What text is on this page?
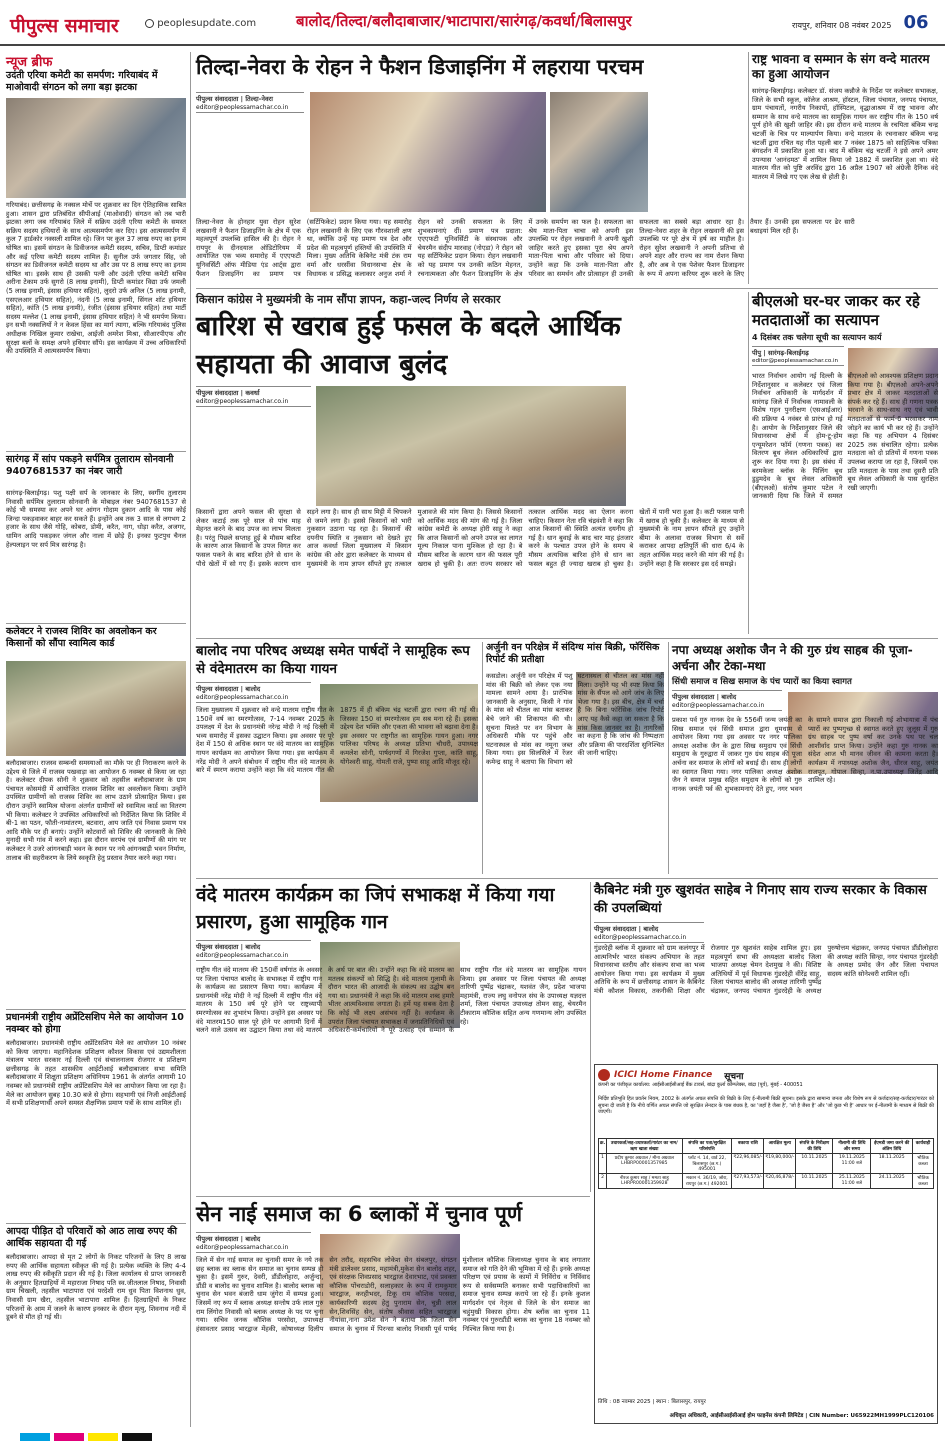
पीपुल्स समाचार	peoplesupdate.com	बालोद/तिल्दा/बलौदाबाजार/भाटापारा/सारंगढ़/कवर्धा/बिलासपुर	रायपुर, शनिवार 08 नवंबर 2025 06
न्यूज ब्रीफ
उदंती एरिया कमेटी का समर्पण: गरियाबंद में माओवादी संगठन को लगा बड़ा झटका
गरियाबंद। छत्तीसगढ़ के नक्सल मोर्चे पर शुक्रवार का दिन ऐतिहासिक साबित हुआ। शासन द्वारा प्रतिबंधित सीपीआई (माओवादी) संगठन को तब भारी झटका लगा जब गरियाबंद जिले में सक्रिय उदंती एरिया कमेटी के समस्त सक्रिय सदस्य हथियारों के साथ आत्मसमर्पण कर दिए। इस आत्मसमर्पण में कुल 7 हार्डकोर नक्सली शामिल रहे। जिन पर कुल 37 लाख रुपए का इनाम घोषित था। इसमें संगठन के डिवीजनल कमेटी सदस्य, सचिव, डिप्टी कमांडर और कई एरिया कमेटी सदस्य शामिल हैं। सुनील उर्फ जगतार सिंह, जो संगठन का डिवीजनल कमेटी सदस्य था और उस पर 8 लाख रुपए का इनाम घोषित था। इसके साथ ही उसकी पत्नी और उदंती एरिया कमेटी सचिव अरीना टेकाम उर्फ सुगरो (8 लाख इनामी), डिप्टी कमांडर विद्या उर्फ जमली (5 लाख इनामी, इंसास हथियार सहित), लुदरो उर्फ अनिल (5 लाख इनामी, एसएलआर हथियार सहित), नंदनी (5 लाख इनामी, सिंगल शॉट हथियार सहित), कांति (5 लाख इनामी), रंजीत (इंसास हथियार सहित) तथा मार्टी सदस्य मल्लेश (1 लाख इनामी, इंसास हथियार सहित) ने भी समर्पण किया। इन सभी नक्सलियों ने न केवल हिंसा का मार्ग त्यागा, बल्कि गरियाबंद पुलिस अधीक्षक निखिल कुमार राखेचा, आईजी अमरेश मिश्रा, सीआरपीएफ और सुरक्षा बलों के समक्ष अपने हथियार सौंपे। इस कार्यक्रम में उच्च अधिकारियों की उपस्थिति में आत्मसमर्पण किया।
सारंगढ़ में सांप पकड़ने सर्पमित्र तुलाराम सोनवानी 9407681537 का नंबर जारी
सारंगढ़-बिलाईगढ़। पशु पक्षी सर्प के जानकार के लिए, स्वर्गीय तुलाराम निवासी सर्पमित्र तुलाराम सोनवानी के मोबाइल नंबर 9407681537 से कोई भी समस्या कर अपने घर आंगन गोदाम दुकान आदि के पास कोई जिन्दा पकड़वाकर बाहर कर सकते हैं। इन्होंने अब तक 3 साल से लगभग 2 हजार के साथ जैसे गोहि, कोबरा, डोमी, करैत, नाग, धोड़ा करैत, अजगर, धामिन आदि पकड़कर जंगल और नाला में छोड़े हैं। इनका फुटपुथ चैनल हेल्पलाइन पर सर्प मित्र सारंगढ़ है।
कलेक्टर ने राजस्व शिविर का अवलोकन कर किसानों को सौंपा स्वामित्व कार्ड
बलौदाबाजार। राजस्व सम्बन्धी समस्याओं का मौके पर ही निराकरण करने के उद्देश्य से जिले में राजस्व पखवाड़ा का आयोजन 6 नवम्बर से किया जा रहा है। कलेक्टर दीपक सोनी ने शुक्रवार को तहसील बलौदाबाजार के ग्राम पंचायत कोसमंदी में आयोजित राजस्व शिविर का अवलोकन किया। उन्होंने उपस्थित ग्रामीणों को राजस्व शिविर का लाभ उठाने प्रोत्साहित किया। इस दौरान उन्होंने स्वामित्व योजना अंतर्गत ग्रामीणों को स्वामित्व कार्ड का वितरण भी किया। कलेक्टर ने उपस्थित अधिकारियों को निर्देशित किया कि शिविर में बी-1 का पठन, फौती-नामांतरण, बटवारा, आय जाति एवं निवास प्रमाण पत्र आदि मौके पर ही बनाएं। उन्होंने कोटवारों को शिविर की जानकारी के लिये मुनादी सभी गांव में करने कहा। इस दौरान सरपंच एवं ग्रामीणों की मांग पर कलेक्टर ने उजरे आंगनबाड़ी भवन के स्थान पर नये आंगनबाड़ी भवन निर्माण, तालाब की सहरीकरण के लिये स्वकृति हेतु प्रस्ताव तैयार करने कहा गया।
प्रधानमंत्री राष्ट्रीय अप्रेंटिसशिप मेले का आयोजन 10 नवम्बर को होगा
बलौदाबाजार। प्रधानमंत्री राष्ट्रीय अप्रेंटिसशिप मेले का आयोजन 10 नवंबर को किया जाएगा। महानिदेशक प्रशिक्षण कौशल विकास एवं उद्यमशीलता मंत्रालय भारत सरकार नई दिल्ली एवं संचालनालय रोजगार व प्रशिक्षण छत्तीसगढ़ के तहत शासकीय आईटीआई बलौदाबाजार सभा समिति बलौदाबाजार में शिक्षुता प्रशिक्षण अधिनियम 1961 के अंतर्गत आगामी 10 नवम्बर को प्रधानमंत्री राष्ट्रीय अप्रेंटिसशिप मेले का आयोजन किया जा रहा है। मेले का आयोजन सुबह 10.30 बजे से होगा। सहभागी एवं निजी आईटीआई में सभी प्रशिक्षणार्थी अपने समस्त शैक्षणिक प्रमाण पत्रों के साथ शामिल हों।
आपदा पीड़ित दो परिवारों को आठ लाख रुपए की आर्थिक सहायता दी गई
बलौदाबाजार। आपदा से मृत 2 लोगों के निकट परिजनों के लिए 8 लाख रुपए की आर्थिक सहायता स्वीकृत की गई है। प्रत्येक व्यक्ति के लिए 4-4 लाख रुपए की स्वीकृति प्रदान की गई है। जिला कार्यालय से प्राप्त जानकारी के अनुसार हितग्राहियों में महाराजा निषाद पति स्व.जीतलाल निषाद, निवासी ग्राम चिखली, तहसील भाटापारा एवं परदेशी राम धुव पिता विशनाथ धुव, निवासी ग्राम खैरा, तहसील भाटापारा शामिल हैं। हितग्राहियों के निकट परिजनों के आम में जलने के कारण इनकार के दौरान मृत्यु, शिवनाथ नदी में डूबने से मौत हो गई थी।
तिल्दा-नेवरा के रोहन ने फैशन डिजाइनिंग में लहराया परचम
पीपुल्स संवाददाता | तिल्दा-नेवरा
editor@peoplessamachar.co.in
तिल्दा-नेवरा के होनहार युवा रोहन सुरेश लखवानी ने फैशन डिजाइनिंग के क्षेत्र में एक महत्वपूर्ण उपलब्धि हासिल की है। रोहन ने रायपुर के दीनदयाल ऑडिटोरियम में आयोजित एक भव्य समारोह में एएएफटी यूनिवर्सिटी ऑफ मीडिया एंड आर्ट्स द्वारा फैशन डिजाइनिंग का प्रमाण पत्र (सर्टिफिकेट) प्रदान किया गया। यह समारोह रोहन लखवानी के लिए एक गौरवशाली क्षण था, क्योंकि उन्हें यह प्रमाण पत्र देश और प्रदेश की महत्वपूर्ण हस्तियों की उपस्थिति में मिला। मुख्य अतिथि केबिनेट मंत्री टंक राम वर्मा और धरसींवा विधानसभा क्षेत्र के विधायक व प्रसिद्ध कलाकार अनुज शर्मा ने रोहन को उनकी सफलता के लिए शुभकामनाएं दीं। प्रमाण पत्र प्रदाता: एएएफटी यूनिवर्सिटी के संस्थापक और चेयरमैन संदीप मारवाह (नोएडा) ने रोहन को यह सर्टिफिकेट प्रदान किया। रोहन लखवानी को यह प्रमाण पत्र उनकी कठिन मेहनत, रचनात्मकता और फैशन डिजाइनिंग के क्षेत्र में उनके समर्पण का फल है। सफलता का श्रेय माता-पिता चाचा को अपनी इस उपलब्धि पर रोहन लखवानी ने अपनी खुशी जाहिर करते हुए इसका पूरा श्रेय अपने माता-पिता चाचा और परिवार को दिया। उन्होंने कहा कि उनके माता-पिता और परिवार का समर्थन और प्रोत्साहन ही उनकी सफलता का सबसे बड़ा आधार रहा है। तिल्दा-नेवरा शहर के रोहन लखवानी की इस उपलब्धि पर पूरे क्षेत्र में हर्ष का माहौल है। रोहन सुरेश लखवानी ने अपनी प्रतिभा से अपने शहर और राज्य का नाम रोशन किया है, और अब वे एक पेशेवर फैशन डिजाइनर के रूप में अपना करियर शुरू करने के लिए तैयार हैं। उनकी इस सफलता पर ढेर सारी बधाइयां मिल रही हैं।
राष्ट्र भावना व सम्मान के संग वन्दे मातरम का हुआ आयोजन
सारंगढ़-बिलाईगढ़। कलेक्टर डॉ. संजय कन्नौजे के निर्देश पर कलेक्टर सभाकक्ष, जिले के सभी स्कूल, कॉलेज आश्रम, हॉस्टल, जिला पंचायत, जनपद पंचायत, ग्राम पंचायतों, नगरीय निकायों, हॉस्पिटल, वृद्धाआश्रम में राष्ट्र भावना और सम्मान के साथ वन्दे मातरम का सामूहिक गायन कर राष्ट्रीय गीत के 150 वर्ष पूर्ण होने की खुशी जाहिर की। इस दौरान वन्दे मातरम के रचयिता बंकिम चन्द्र चटर्जी के चित्र पर माल्यार्पण किया। वन्दे मातरम के रचनाकार बंकिम चन्द्र चटर्जी द्वारा रचित यह गीत पहली बार 7 नवंबर 1875 को साहित्यिक पत्रिका बंगदर्शन में प्रकाशित हुआ था। बाद में बंकिम चंद्र चटर्जी ने इसे अपने अमर उपन्यास 'आनंदमठ' में शामिल किया जो 1882 में प्रकाशित हुआ था। वंदे मातरम गीत को पुष्टि अरविंद द्वारा 16 अप्रैल 1907 को अंग्रेजी दैनिक वंदे मातरम में लिखे गए एक लेख से होती है।
किसान कांग्रेस ने मुख्यमंत्री के नाम सौंपा ज्ञापन, कहा-जल्द निर्णय ले सरकार
बारिश से खराब हुई फसल के बदले आर्थिक सहायता की आवाज बुलंद
पीपुल्स संवाददाता | कवर्धा
editor@peoplessamachar.co.in
किसानों द्वारा अपने फसल की सुरक्षा से लेकर कटाई तक पूरे साल से पांच माह मेहनत करने के बाद उपज का लाभ मिलता है। परंतु पिछले सप्ताह हुई बे मौसम बारिश के कारण आज किसानों के उपज विगत कर फसल पकने के बाद बारिश होने से धान के पौधे खेतों में सो गए हैं। इसके कारण धान सड़ने लगा है। साथ ही साथ मिट्टी में चिपकने से जमने लगा है। इससे किसानों को भारी नुकसान उठाना पड़ रहा है। किसानों की दयनीय स्थिति व नुकसान को देखते हुए आज कवर्धा जिला मुख्यालय में किसान कांग्रेस की ओर द्वारा कलेक्टर के माध्यम से मुख्यमंत्री के नाम ज्ञापन सौंपते हुए तत्काल मुआवजे की मांग किया है। जिससे किसानों को आर्थिक मदद की मांग की गई है। जिला कांग्रेस कमेटी के अध्यक्ष होरी साहू ने कहा कि आज किसानों को अपने उपज का लागत मूल्य निकाल पाना मुश्किल हो रहा है। बे मौसम बारिश के कारण धान की फसल पूरी खराब हो चुकी है। अतः राज्य सरकार को तत्काल आर्थिक मदद का ऐलान करना चाहिए। किसान नेता रवि चंद्रवंशी ने कहा कि आज किसानों की स्थिति अत्यंत दयनीय हो गई है। धान बुवाई के बाद चार माह इंतजार करने के पश्चात उपज होने के समय बे मौसम अत्यधिक बारिश होने से धान का फसल बहुत ही ज्यादा खराब हो चुका है। खेतों में पानी भरा हुआ है। कटी फसल पानी में खराब हो चुकी है। कलेक्टर के माध्यम से मुख्यमंत्री के नाम ज्ञापन सौंपते हुए उन्होंने बीमा के अलावा राजस्व विभाग से सर्वे कराकर आपदा क्षतिपूर्ति की धारा 6/4 के तहत आर्थिक मदद करने की मांग की गई है। उन्होंने कहा है कि सरकार इस दर्द समझे।
बीएलओ घर-घर जाकर कर रहे मतदाताओं का सत्यापन
4 दिसंबर तक चलेगा सूची का सत्यापन कार्य
पीपु | सारंगढ़-बिलाईगढ़
editor@peoplessamachar.co.in
भारत निर्वाचन आयोग नई दिल्ली के निर्देशानुसार व कलेक्टर एवं जिला निर्वाचन अधिकारी के मार्गदर्शन में सारंगढ़ जिले में निर्वाचक नामावली के विशेष गहन पुनरीक्षण (एसआईआर) की प्रक्रिया 4 नवंबर से प्रारंभ हो गई है। आयोग के निर्देशानुसार जिले की विधानसभा क्षेत्रों में होम-टू-होम एन्यूमरेशन फॉर्म (गणना पत्रक) का वितरण बूथ लेवल अधिकारियों द्वारा शुरू कर दिया गया है। इस संबंध में बरमकेला ब्लॉक के पिलिंग बूथ डुडुमदेव के बूथ लेवल अधिकारी (बीएलओ) संतोष कुमार पटेल ने जानकारी दिया कि जिले में समस्त बीएलओ को आवश्यक प्रशिक्षण प्रदान किया गया है। बीएलओ अपने-अपने प्रभार क्षेत्र में जाकर मतदाताओं से संपर्क कर रहे हैं। साथ ही गणना पत्रक भरवाने के साथ-साथ नए एवं भावी मतदाताओं से फार्म-6 भरवाकर नाम जोड़ने का कार्य भी कर रहे हैं। उन्होंने कहा कि यह अभियान 4 दिसंबर 2025 तक संचालित रहेगा। प्रत्येक मतदाता को दो प्रतियों में गणना पत्रक उपलब्ध कराया जा रहा है, जिसमें एक प्रति मतदाता के पास तथा दूसरी प्रति बूथ लेवल अधिकारी के पास सुरक्षित रखी जाएगी।
बालोद नपा परिषद अध्यक्ष समेत पार्षदों ने सामूहिक रूप से वंदेमातरम का किया गायन
पीपुल्स संवाददाता | बालोद
editor@peoplessamachar.co.in
जिला मुख्यालय में शुक्रवार को वन्दे मातरम राष्ट्रीय गीत के 150वें वर्ष का स्मरणोत्सव, 7-14 नवम्बर 2025 के उपलक्ष्य में देश के प्रधानमंत्री नरेन्द्र मोदी ने नई दिल्ली में भव्य समारोह में इसका उद्घाटन किया। इस अवसर पर पूरे देश में 150 से अधिक स्थान पर वंदे मातरम का सामूहिक गायन कार्यक्रम का आयोजन किया गया। इस कार्यक्रम में नरेंद्र मोदी ने अपने संबोधन में राष्ट्रीय गीत वंदे मातरम के बारे में स्मरण कराया उन्होंने कहा कि वंदे मातरम गीत की 1875 में ही बंकिम चंद्र चटर्जी द्वारा रचना की गई थी। जिसका 150 वां स्मरणोत्सव हम सब मना रहे हैं। इसका उद्देश्य देश भक्ति और एकता की भावना को बढ़ावा देना है। इस अवसर पर राष्ट्रगीत का सामूहिक गायन हुआ। नगर पालिका परिषद के अध्यक्ष प्रतिभा चौधरी, उपाध्यक्ष कमलेश सोनी, पार्षदगणों में गिरजेश गुप्ता, कांति साहू, योगेश्वरी साहू, गोमती राजे, पुष्पा साहू आदि मौजूद रहे।
अर्जुनी वन परिक्षेत्र में संदिग्ध मांस बिक्री, फॉरेंसिक रिपोर्ट की प्रतीक्षा
कसडोल। अर्जुनी वन परिक्षेत्र में पशु मांस की बिक्री को लेकर एक नया मामला सामने आया है। प्रारंभिक जानकारी के अनुसार, किसी ने गांव के मांस को चीतल का मांस बताकर बेचे जाने की शिकायत की थी। सूचना मिलते पर वन विभाग के अधिकारी मौके पर पहुंचे और घटनास्थल से मांस का नमूना जब्त किया गया। इस सिलसिले में रेंजर कमेन्द्र साहू ने बताया कि विभाग को घटनास्थल से चीतल का मांस नहीं मिला। उन्होंने यह भी स्पष्ट किया कि मांस के सैंपल को आगे जांच के लिए भेजा गया है। इस बीच, क्षेत्र में चर्चा है कि बिना फॉरेंसिक जांच रिपोर्ट आए यह कैसे कहा जा सकता है कि मांस किस जानवर का है। नागरिकों का कहना है कि जांच की निष्पक्षता और प्रक्रिया की पारदर्शिता सुनिश्चित की जानी चाहिए।
नपा अध्यक्ष अशोक जैन ने की गुरु ग्रंथ साहब की पूजा-अर्चना और टेका-मथा
सिंधी समाज व सिख समाज के पंच प्यारों का किया स्वागत
पीपुल्स संवाददाता | बालोद
editor@peoplessamachar.co.in
प्रकाश पर्व गुरु नानक देव के 556वीं जन्म जयंती का सिख समाज एवं सिंधी समाज द्वारा धूमधाम से आयोजन किया गया इस अवसर पर नगर पालिका अध्यक्ष अशोक जैन के द्वारा सिख समुदाय एवं सिंधी समुदाय के गुरुद्वारा में जाकर गुरु ग्रंथ साहब की पूजा अर्चना कर समाज के लोगों को बधाई दी। साथ ही लोगों का स्वागत किया गया। नगर पालिका अध्यक्ष अशोक जैन ने समाज प्रमुख सहित समुदाय के लोगों को गुरु नानक जयंती पर्व की शुभकामनाएं देते हुए, नगर भवन के सामने समाज द्वारा निकाली गई शोभायात्रा में पंच प्यारों का पुष्पगुच्छ से स्वागत करते हुए जुलूस में गुरु ग्रंथ साहब पर पुष्प वर्षा कर उनके पथ पर चल आशीर्वाद प्राप्त किया। उन्होंने कहा गुरु नानक का संदेश आज भी मानव जीवन की कामना करता है। कार्यक्रम में नपाध्यक्ष अशोक जैन, धीरज साहू, जयंत राजपूत, गोपाल सिन्हा, न.पा.उपाध्यक्ष जितेंद्र आदि शामिल रहे।
वंदे मातरम कार्यक्रम का जिपं सभाकक्ष में किया गया प्रसारण, हुआ सामूहिक गान
पीपुल्स संवाददाता | बालोद
editor@peoplessamachar.co.in
राष्ट्रीय गीत वंदे मातरम की 150वीं वर्षगांठ के अवसर पर जिला पंचायत बालोद के सभाकक्ष में राष्ट्रीय गान के कार्यक्रम का प्रसारण किया गया। कार्यक्रम में प्रधानमंत्री नरेंद्र मोदी ने नई दिल्ली में राष्ट्रीय गीत वंदे मातरम के 150 वर्ष पूरे होने पर राष्ट्रव्यापी स्मरणोत्सव का शुभारंभ किया। उन्होंने इस अवसर पर वंदे मातरम150 साल पूरे होने पर आगामी दिनों में चलने वाले उत्सव का उद्घाटन किया तथा वंदे मातरम के अर्थ पर बात की। उन्होंने कहा कि वंदे मातरम का मतलब संकल्पों को सिद्धि है। वंदे मातरम गुलामी के दौरान भारत की आजादी के संकल्प का उद्घोष बन गया था। प्रधानमंत्री ने कहा कि वंदे मातरम शब्द हमारे भीतर आत्मविश्वास जगाता है। हमें यह सबक देता है कि कोई भी लक्ष्य असंभव नहीं है। कार्यक्रम के उपरांत जिला पंचायत सभाकक्ष में जनप्रतिनिधियों एवं अधिकारी-कर्मचारियों ने पूरे उत्साह एवं सम्मान के साथ राष्ट्रीय गीत वंदे मातरम का सामूहिक गायन किया। इस अवसर पर जिला पंचायत की अध्यक्ष तारिणी पुष्पेंद्र चंद्राकर, यशवंत जैन, प्रदेश भाजपा महामंत्री, राज्य लघु वनोपज संघ के उपाध्यक्ष यज्ञदत्त शर्मा, जिला पंचायत उपाध्यक्ष तोमन साहू, चेयरमैन टीकाराम कौशिक सहित अन्य गणमान्य लोग उपस्थित रहे।
कैबिनेट मंत्री गुरु खुशवंत साहेब ने गिनाए साय राज्य सरकार के विकास की उपलब्धियां
पीपुल्स संवाददाता | बालोद
editor@peoplessamachar.co.in
गुंडरदेही ब्लॉक में शुक्रवार को ग्राम कलंगपुर में आत्मनिर्भर भारत संकल्प अभियान के तहत विधानसभा स्तरीय और संकल्प सभा का भव्य आयोजन किया गया। इस कार्यक्रम में मुख्य अतिथि के रूप में छत्तीसगढ़ शासन के कैबिनेट मंत्री कौशल विकास, तकनीकी शिक्षा और रोजगार गुरु खुशवंत साहेब शामिल हुए। इस महत्वपूर्ण सभा की अध्यक्षता बालोद जिला भाजपा अध्यक्ष चेमन देशमुख ने की। विशिष्ट अतिथियों में पूर्व विधायक गुंडरदेही वीरेंद्र साहू, जिला पंचायत बालोद की अध्यक्ष तारिणी पुष्पेंद्र चंद्राकर, जनपद पंचायत गुंडरदेही के अध्यक्ष पुरुषोत्तम चंद्राकर, जनपद पंचायत डौंडीलोहारा की अध्यक्ष कांति सिन्हा, नगर पंचायत गुंडरदेही के अध्यक्ष प्रमोद जैन और जिला पंचायत सदस्य कांति सोनेश्वरी शामिल रहीं।
ICICI Home Finance सूचना
कंपनी का पंजीकृत कार्यालय: आईसीआईसीआई बैंक टावर्स, बांद्रा कुर्ला कॉम्प्लेक्स, बांद्रा (पूर्व), मुंबई - 400051
निर्दिष्ट प्रतिभूति हित प्रवर्तन नियम, 2002 के अंतर्गत अचल संपत्ति की बिक्री के लिए ई-नीलामी बिक्री सूचना। इसके द्वारा सामान्य जनता और विशेष रूप से कर्जदार/सह-कर्जदार/गारंटर को सूचना दी जाती है कि नीचे वर्णित अचल संपत्ति जो सुरक्षित लेनदार के पास बंधक है, का 'जहाँ है जैसा है', 'जो है जैसा है' और 'जो कुछ भी है' आधार पर ई-नीलामी के माध्यम से बिक्री की जाएगी।
क्र.	उधारकर्ता/सह-उधारकर्ता/गारंटर का नाम/ऋण खाता संख्या	संपत्ति का पता/सुरक्षित परिसंपत्ति	बकाया राशि	आरक्षित मूल्य	संपत्ति के निरीक्षण की तिथि	नीलामी की तिथि और समय	ईएमडी जमा करने की अंतिम तिथि	कार्यवाही
1	प्रदीप कुमार अग्रवाल / मीना अग्रवाल LHBRP00001357985	प्लॉट नं. 14, वार्ड 22, बिलासपुर (छ.ग.) 495001	₹22,96,085/-	₹19,80,000/-	10.11.2025	19.11.2025 11:00 बजे	18.11.2025	भौतिक कब्जा
2	नीरज कुमार साहू / ममता साहू LHRPR00001359928	मकान नं. 36/19, जोरा, रायपुर (छ.ग.) 492001	₹27,93,573/-	₹20,46,878/-	10.11.2025	25.11.2025 11:00 बजे	24.11.2025	भौतिक कब्जा
तिथि : 08 नवम्बर 2025 | स्थान : बिलासपुर, रायपुर
अधिकृत अधिकारी, आईसीआईसीआई होम फाइनेंस कंपनी लिमिटेड | CIN Number: U65922MH1999PLC120106
सेन नाई समाज का 6 ब्लाकों में चुनाव पूर्ण
पीपुल्स संवाददाता | बालोद
editor@peoplessamachar.co.in
जिले में सेन नाई समाज का चुनावी समर के नये तक छह ब्लाक का ब्लाक सेन समाज का चुनाव सम्पन्न हो चुका है। इसमें गुरुर, देवरी, डौंडीलोहारा, अर्जुन्दा, डौंडी व बालोद का चुनाव शामिल है। बालोद ब्लाक का चुनाव सेन भवन बंजारी धाम जुंगेरा में सम्पन्न हुआ। जिसमें नए रूप में ब्लाक अध्यक्ष सन्तोष उर्फ लाल गुरु राम लिंगोरा निवासी को ब्लाक अध्यक्ष के पद पर चुना गया। सचिव जनक कौशिक परसोदा, उपाध्यक्ष हंसावतार प्रसाद भारद्वाज मेंहकी, कोषाध्यक्ष दिलीप सेन तरौद, सहसचिव लोकेश सेन संबलपुर, संगठन मंत्री डालेश्वर प्रसाद, महामंत्री,मुकेश सेन बालोद शहर, एवं संरक्षक शिवप्रसाद भारद्वाज देवारभाट, एवं प्रवक्ता कौशिक पोंचराडोरी, सलाहकार के रूप में रामकुमार भारद्वाज, करहीभदर, टिकू राम कौशिक परसदा, कार्यकारिणी सदस्य हेतु पुनाराम सेन, चुन्नी लाल सेन,शिवसिंह सेन, संतोष श्रीवास सहित भारद्वाज नीयांसा,नाना उमेश सेन ने बताया कि जिला सेन समाज के चुनाव में पिरन्सा बालोद निवासी पूर्व पार्षद मुंशीलाल कौशिक जिलाध्यक्ष चुनाव के बाद लगातार समाज को गति देने की भूमिका में रहे हैं। इनके अध्यक्ष परिक्षण एवं प्रयास के कामों में निर्विरोध व निर्विवाद रूप से सर्वसम्मति बनाकर सभी पदाधिकारियों का समाज चुनाव सम्पन्न कराये जा रहे हैं। इनके कुशल मार्गदर्शन एवं नेतृत्व से जिले के सेन समाज का चहुंमुखी विकास होगा। शेष ब्लॉक का चुनाव 11 नवम्बर एवं गुरुरडौंडी ब्लाक का चुनाव 18 नवम्बर को निश्चित किया गया है।
